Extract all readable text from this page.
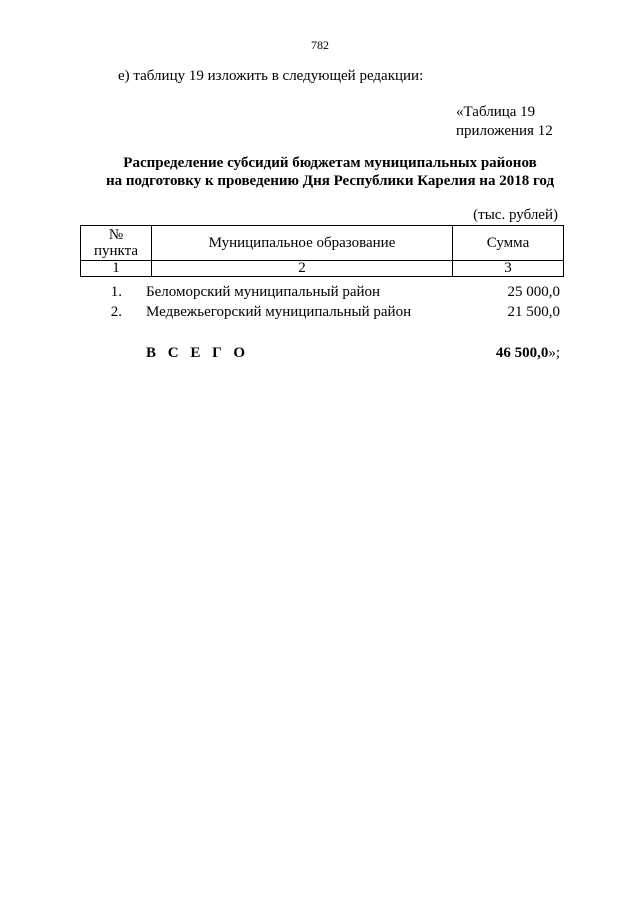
782
е) таблицу 19 изложить в следующей редакции:
«Таблица 19
приложения 12
Распределение субсидий бюджетам муниципальных районов
на подготовку к проведению Дня Республики Карелия на 2018 год
(тыс. рублей)
№
пункта	Муниципальное образование	Сумма
1	2	3
1. Беломорский муниципальный район	25 000,0
2. Медвежьегорский муниципальный район	21 500,0
В С Е Г О	46 500,0»;
